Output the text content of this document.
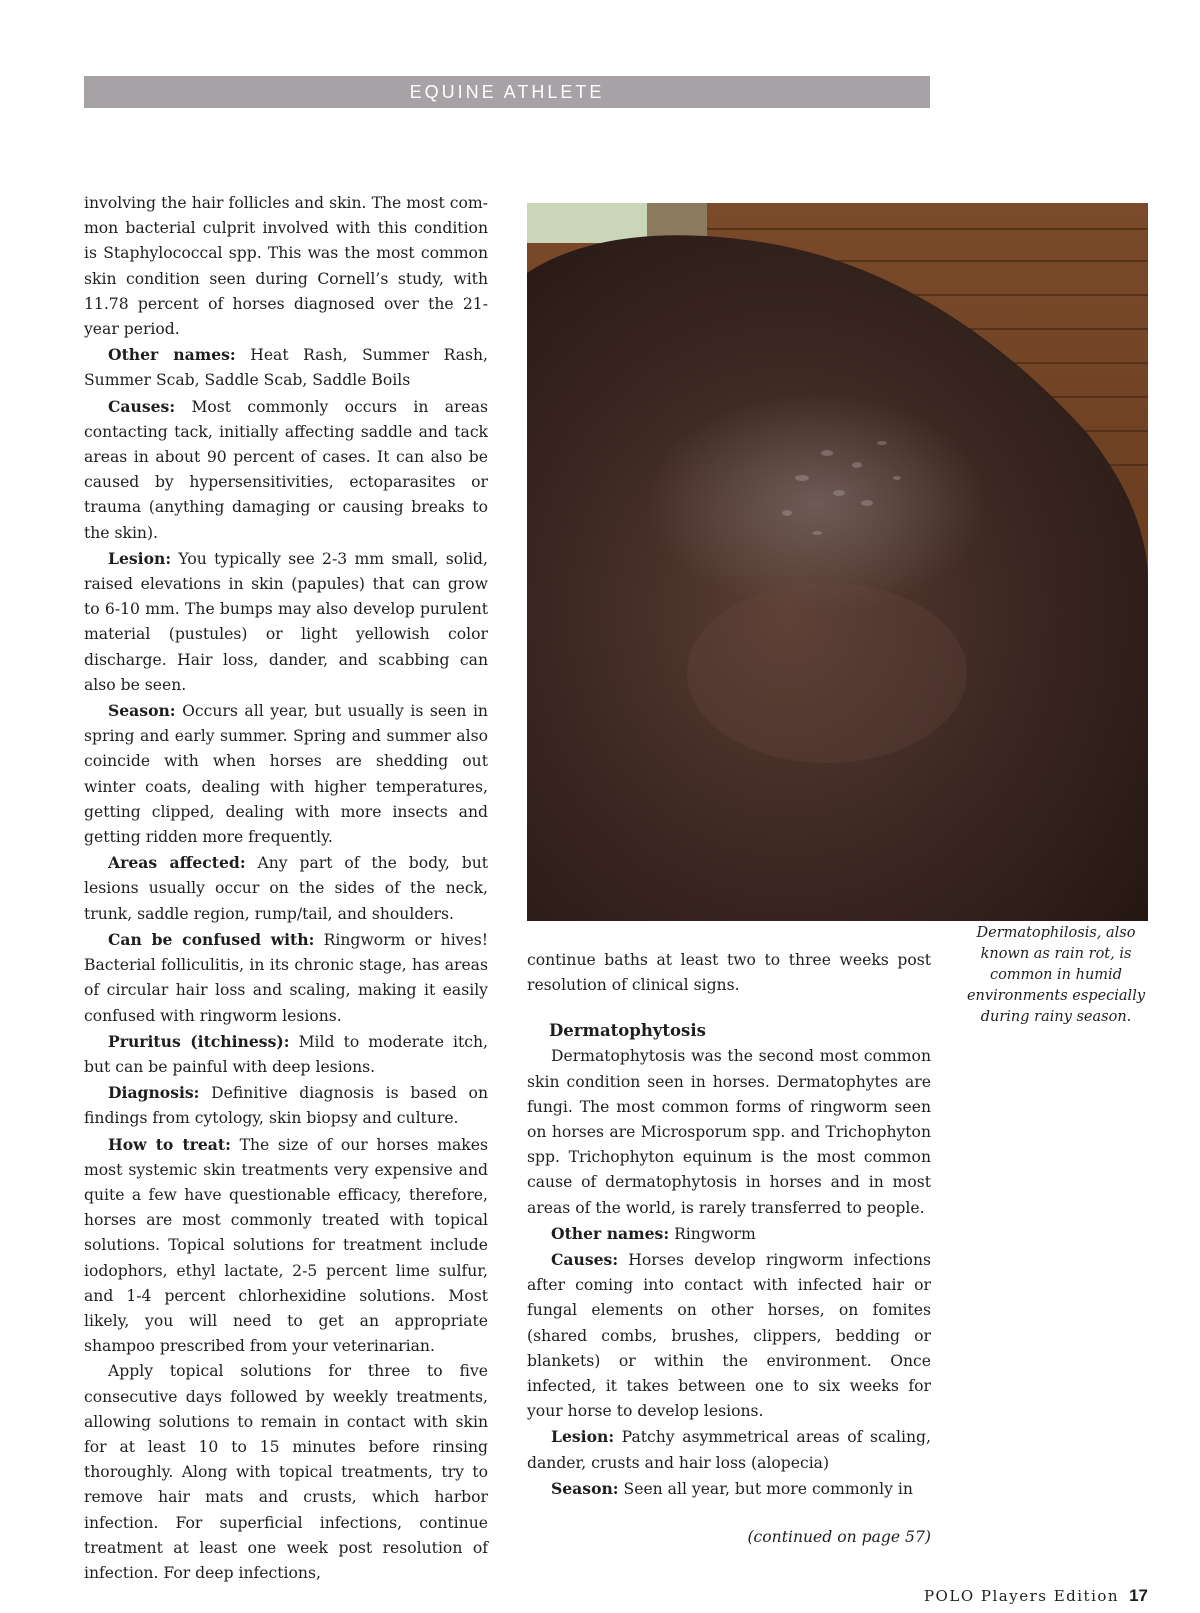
EQUINE ATHLETE

involving the hair follicles and skin. The most common bacterial culprit involved with this condition is Staphylococcal spp. This was the most common skin condition seen during Cornell’s study, with 11.78 percent of horses diagnosed over the 21-year period.

Other names: Heat Rash, Summer Rash, Summer Scab, Saddle Scab, Saddle Boils

Causes: Most commonly occurs in areas contacting tack, initially affecting saddle and tack areas in about 90 percent of cases. It can also be caused by hypersensitivities, ectoparasites or trauma (anything damaging or causing breaks to the skin).

Lesion: You typically see 2-3 mm small, solid, raised elevations in skin (papules) that can grow to 6-10 mm. The bumps may also develop purulent material (pustules) or light yellowish color discharge. Hair loss, dander, and scabbing can also be seen.

Season: Occurs all year, but usually is seen in spring and early summer. Spring and summer also coincide with when horses are shedding out winter coats, dealing with higher temperatures, getting clipped, dealing with more insects and getting ridden more frequently.

Areas affected: Any part of the body, but lesions usually occur on the sides of the neck, trunk, saddle region, rump/tail, and shoulders.

Can be confused with: Ringworm or hives! Bacterial folliculitis, in its chronic stage, has areas of circular hair loss and scaling, making it easily confused with ringworm lesions.

Pruritus (itchiness): Mild to moderate itch, but can be painful with deep lesions.

Diagnosis: Definitive diagnosis is based on findings from cytology, skin biopsy and culture.

How to treat: The size of our horses makes most systemic skin treatments very expensive and quite a few have questionable efficacy, therefore, horses are most commonly treated with topical solutions. Topical solutions for treatment include iodophors, ethyl lactate, 2-5 percent lime sulfur, and 1-4 percent chlorhexidine solutions. Most likely, you will need to get an appropriate shampoo prescribed from your veterinarian.

Apply topical solutions for three to five consecutive days followed by weekly treatments, allowing solutions to remain in contact with skin for at least 10 to 15 minutes before rinsing thoroughly. Along with topical treatments, try to remove hair mats and crusts, which harbor infection. For superficial infections, continue treatment at least one week post resolution of infection. For deep infections,

Dermatophilosis, also known as rain rot, is common in humid environments especially during rainy season.

continue baths at least two to three weeks post resolution of clinical signs.

Dermatophytosis

Dermatophytosis was the second most common skin condition seen in horses. Dermatophytes are fungi. The most common forms of ringworm seen on horses are Microsporum spp. and Trichophyton spp. Trichophyton equinum is the most common cause of dermatophytosis in horses and in most areas of the world, is rarely transferred to people.

Other names: Ringworm

Causes: Horses develop ringworm infections after coming into contact with infected hair or fungal elements on other horses, on fomites (shared combs, brushes, clippers, bedding or blankets) or within the environment. Once infected, it takes between one to six weeks for your horse to develop lesions.

Lesion: Patchy asymmetrical areas of scaling, dander, crusts and hair loss (alopecia)

Season: Seen all year, but more commonly in

(continued on page 57)
POLO Players Edition 17
